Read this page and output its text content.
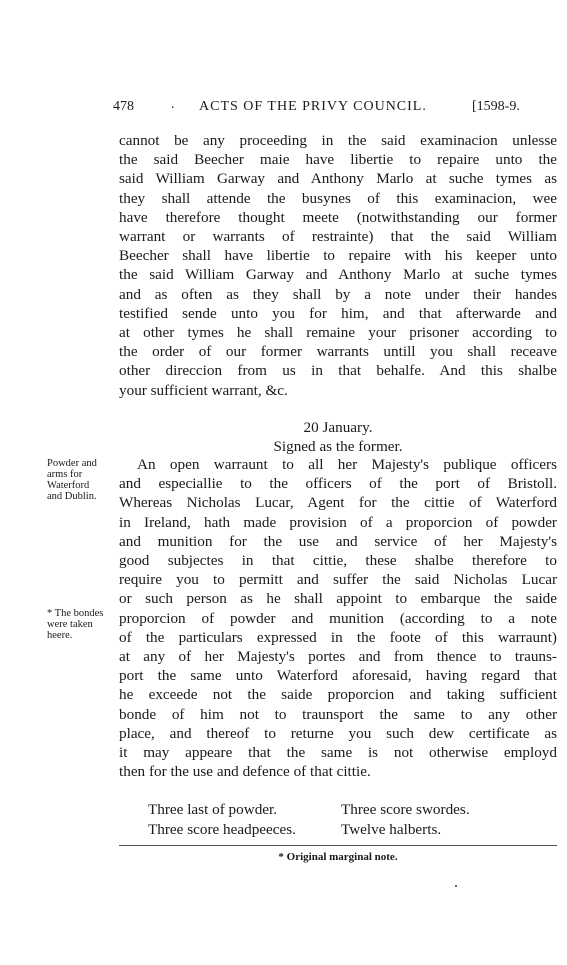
478	. ACTS OF THE PRIVY COUNCIL.	[1598-9.
cannot be any proceeding in the said examinacion unlesse
the said Beecher maie have libertie to repaire unto the
said William Garway and Anthony Marlo at suche tymes as
they shall attende the busynes of this examinacion, wee
have therefore thought meete (notwithstanding our former
warrant or warrants of restrainte) that the said William
Beecher shall have libertie to repaire with his keeper unto
the said William Garway and Anthony Marlo at suche tymes
and as often as they shall by a note under their handes
testified sende unto you for him, and that afterwarde and
at other tymes he shall remaine your prisoner according to
the order of our former warrants untill you shall receave
other direccion from us in that behalfe. And this shalbe
your sufficient warrant, &c.
20 January.
Signed as the former.
Powder and
arms for
Waterford
and Dublin.
* The bondes
were taken
heere.
An open warraunt to all her Majesty's publique officers
and especiallie to the officers of the port of Bristoll.
Whereas Nicholas Lucar, Agent for the cittie of Waterford
in Ireland, hath made provision of a proporcion of powder
and munition for the use and service of her Majesty's
good subjectes in that cittie, these shalbe therefore to
require you to permitt and suffer the said Nicholas Lucar
or such person as he shall appoint to embarque the saide
proporcion of powder and munition (according to a note
of the particulars expressed in the foote of this warraunt)
at any of her Majesty's portes and from thence to trauns-
port the same unto Waterford aforesaid, having regard that
he exceede not the saide proporcion and taking sufficient
bonde of him not to traunsport the same to any other
place, and thereof to returne you such dew certificate as
it may appeare that the same is not otherwise employd
then for the use and defence of that cittie.
Three last of powder.	Three score swordes.
Three score headpeeces.	Twelve halberts.
* Original marginal note.
